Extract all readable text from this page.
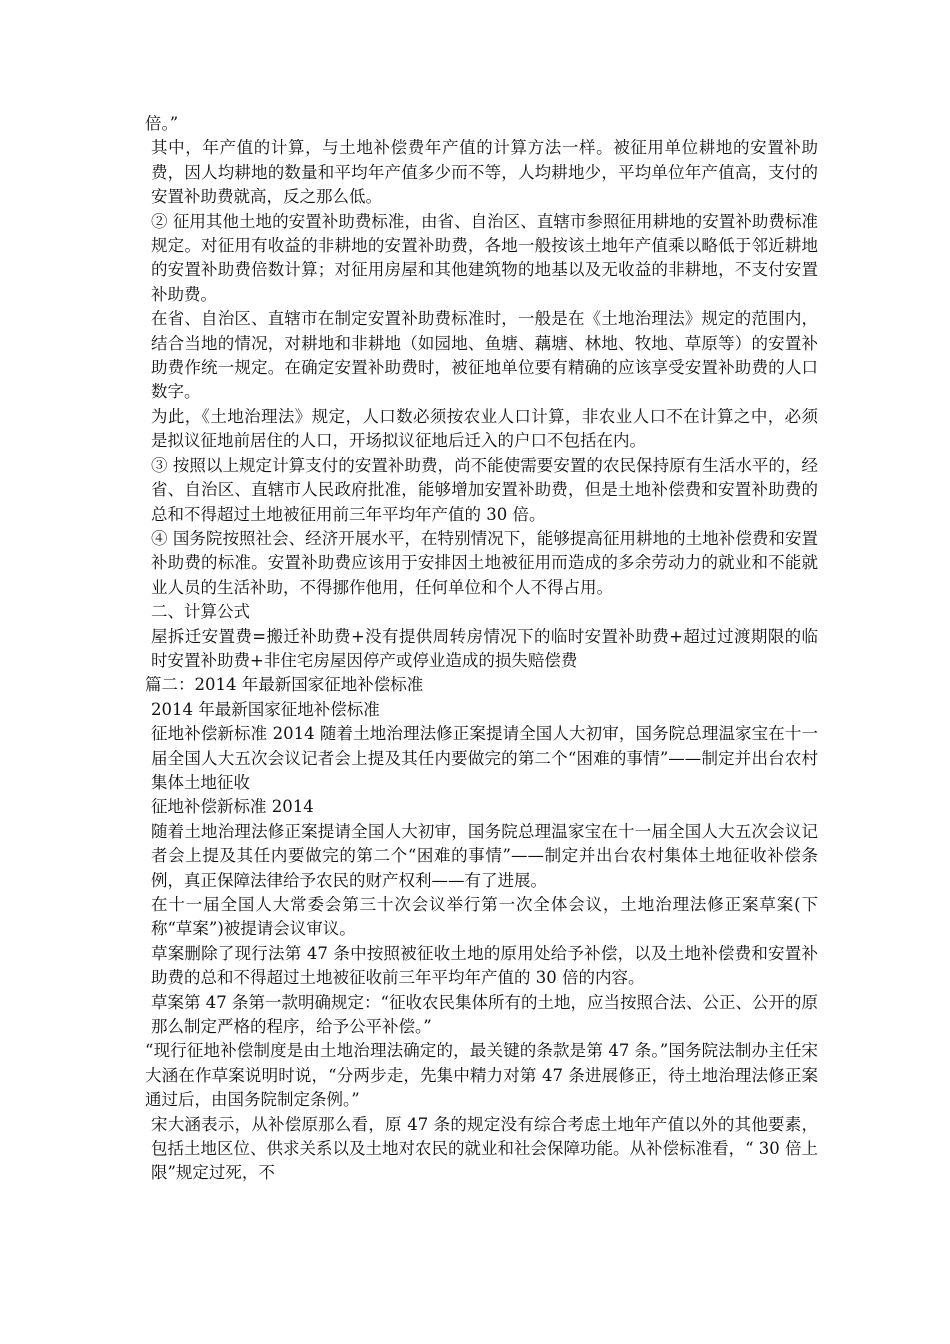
倍。”

其中，年产值的计算，与土地补偿费年产值的计算方法一样。被征用单位耕地的安置补助费，因人均耕地的数量和平均年产值多少而不等，人均耕地少，平均单位年产值高，支付的安置补助费就高，反之那么低。

② 征用其他土地的安置补助费标准，由省、自治区、直辖市参照征用耕地的安置补助费标准规定。对征用有收益的非耕地的安置补助费，各地一般按该土地年产值乘以略低于邻近耕地的安置补助费倍数计算；对征用房屋和其他建筑物的地基以及无收益的非耕地，不支付安置补助费。

在省、自治区、直辖市在制定安置补助费标准时，一般是在《土地治理法》规定的范围内，结合当地的情况，对耕地和非耕地（如园地、鱼塘、藕塘、林地、牧地、草原等）的安置补助费作统一规定。在确定安置补助费时，被征地单位要有精确的应该享受安置补助费的人口数字。

为此，《土地治理法》规定，人口数必须按农业人口计算，非农业人口不在计算之中，必须是拟议征地前居住的人口，开场拟议征地后迁入的户口不包括在内。

③ 按照以上规定计算支付的安置补助费，尚不能使需要安置的农民保持原有生活水平的，经省、自治区、直辖市人民政府批准，能够增加安置补助费，但是土地补偿费和安置补助费的总和不得超过土地被征用前三年平均年产值的 30 倍。

④ 国务院按照社会、经济开展水平，在特别情况下，能够提高征用耕地的土地补偿费和安置补助费的标准。安置补助费应该用于安排因土地被征用而造成的多余劳动力的就业和不能就业人员的生活补助，不得挪作他用，任何单位和个人不得占用。

二、计算公式

屋拆迁安置费=搬迁补助费+没有提供周转房情况下的临时安置补助费+超过过渡期限的临时安置补助费+非住宅房屋因停产或停业造成的损失赔偿费

篇二：2014 年最新国家征地补偿标准

2014 年最新国家征地补偿标准

征地补偿新标准 2014 随着土地治理法修正案提请全国人大初审，国务院总理温家宝在十一届全国人大五次会议记者会上提及其任内要做完的第二个“困难的事情”——制定并出台农村集体土地征收

征地补偿新标准 2014

随着土地治理法修正案提请全国人大初审，国务院总理温家宝在十一届全国人大五次会议记者会上提及其任内要做完的第二个“困难的事情”——制定并出台农村集体土地征收补偿条例，真正保障法律给予农民的财产权利——有了进展。

在十一届全国人大常委会第三十次会议举行第一次全体会议，土地治理法修正案草案(下称“草案”)被提请会议审议。

草案删除了现行法第 47 条中按照被征收土地的原用处给予补偿，以及土地补偿费和安置补助费的总和不得超过土地被征收前三年平均年产值的 30 倍的内容。

草案第 47 条第一款明确规定：“征收农民集体所有的土地，应当按照合法、公正、公开的原那么制定严格的程序，给予公平补偿。”

“现行征地补偿制度是由土地治理法确定的，最关键的条款是第 47 条。”国务院法制办主任宋大涵在作草案说明时说，“分两步走，先集中精力对第 47 条进展修正，待土地治理法修正案通过后，由国务院制定条例。”

宋大涵表示，从补偿原那么看，原 47 条的规定没有综合考虑土地年产值以外的其他要素，包括土地区位、供求关系以及土地对农民的就业和社会保障功能。从补偿标准看，“ 30 倍上限”规定过死，不
